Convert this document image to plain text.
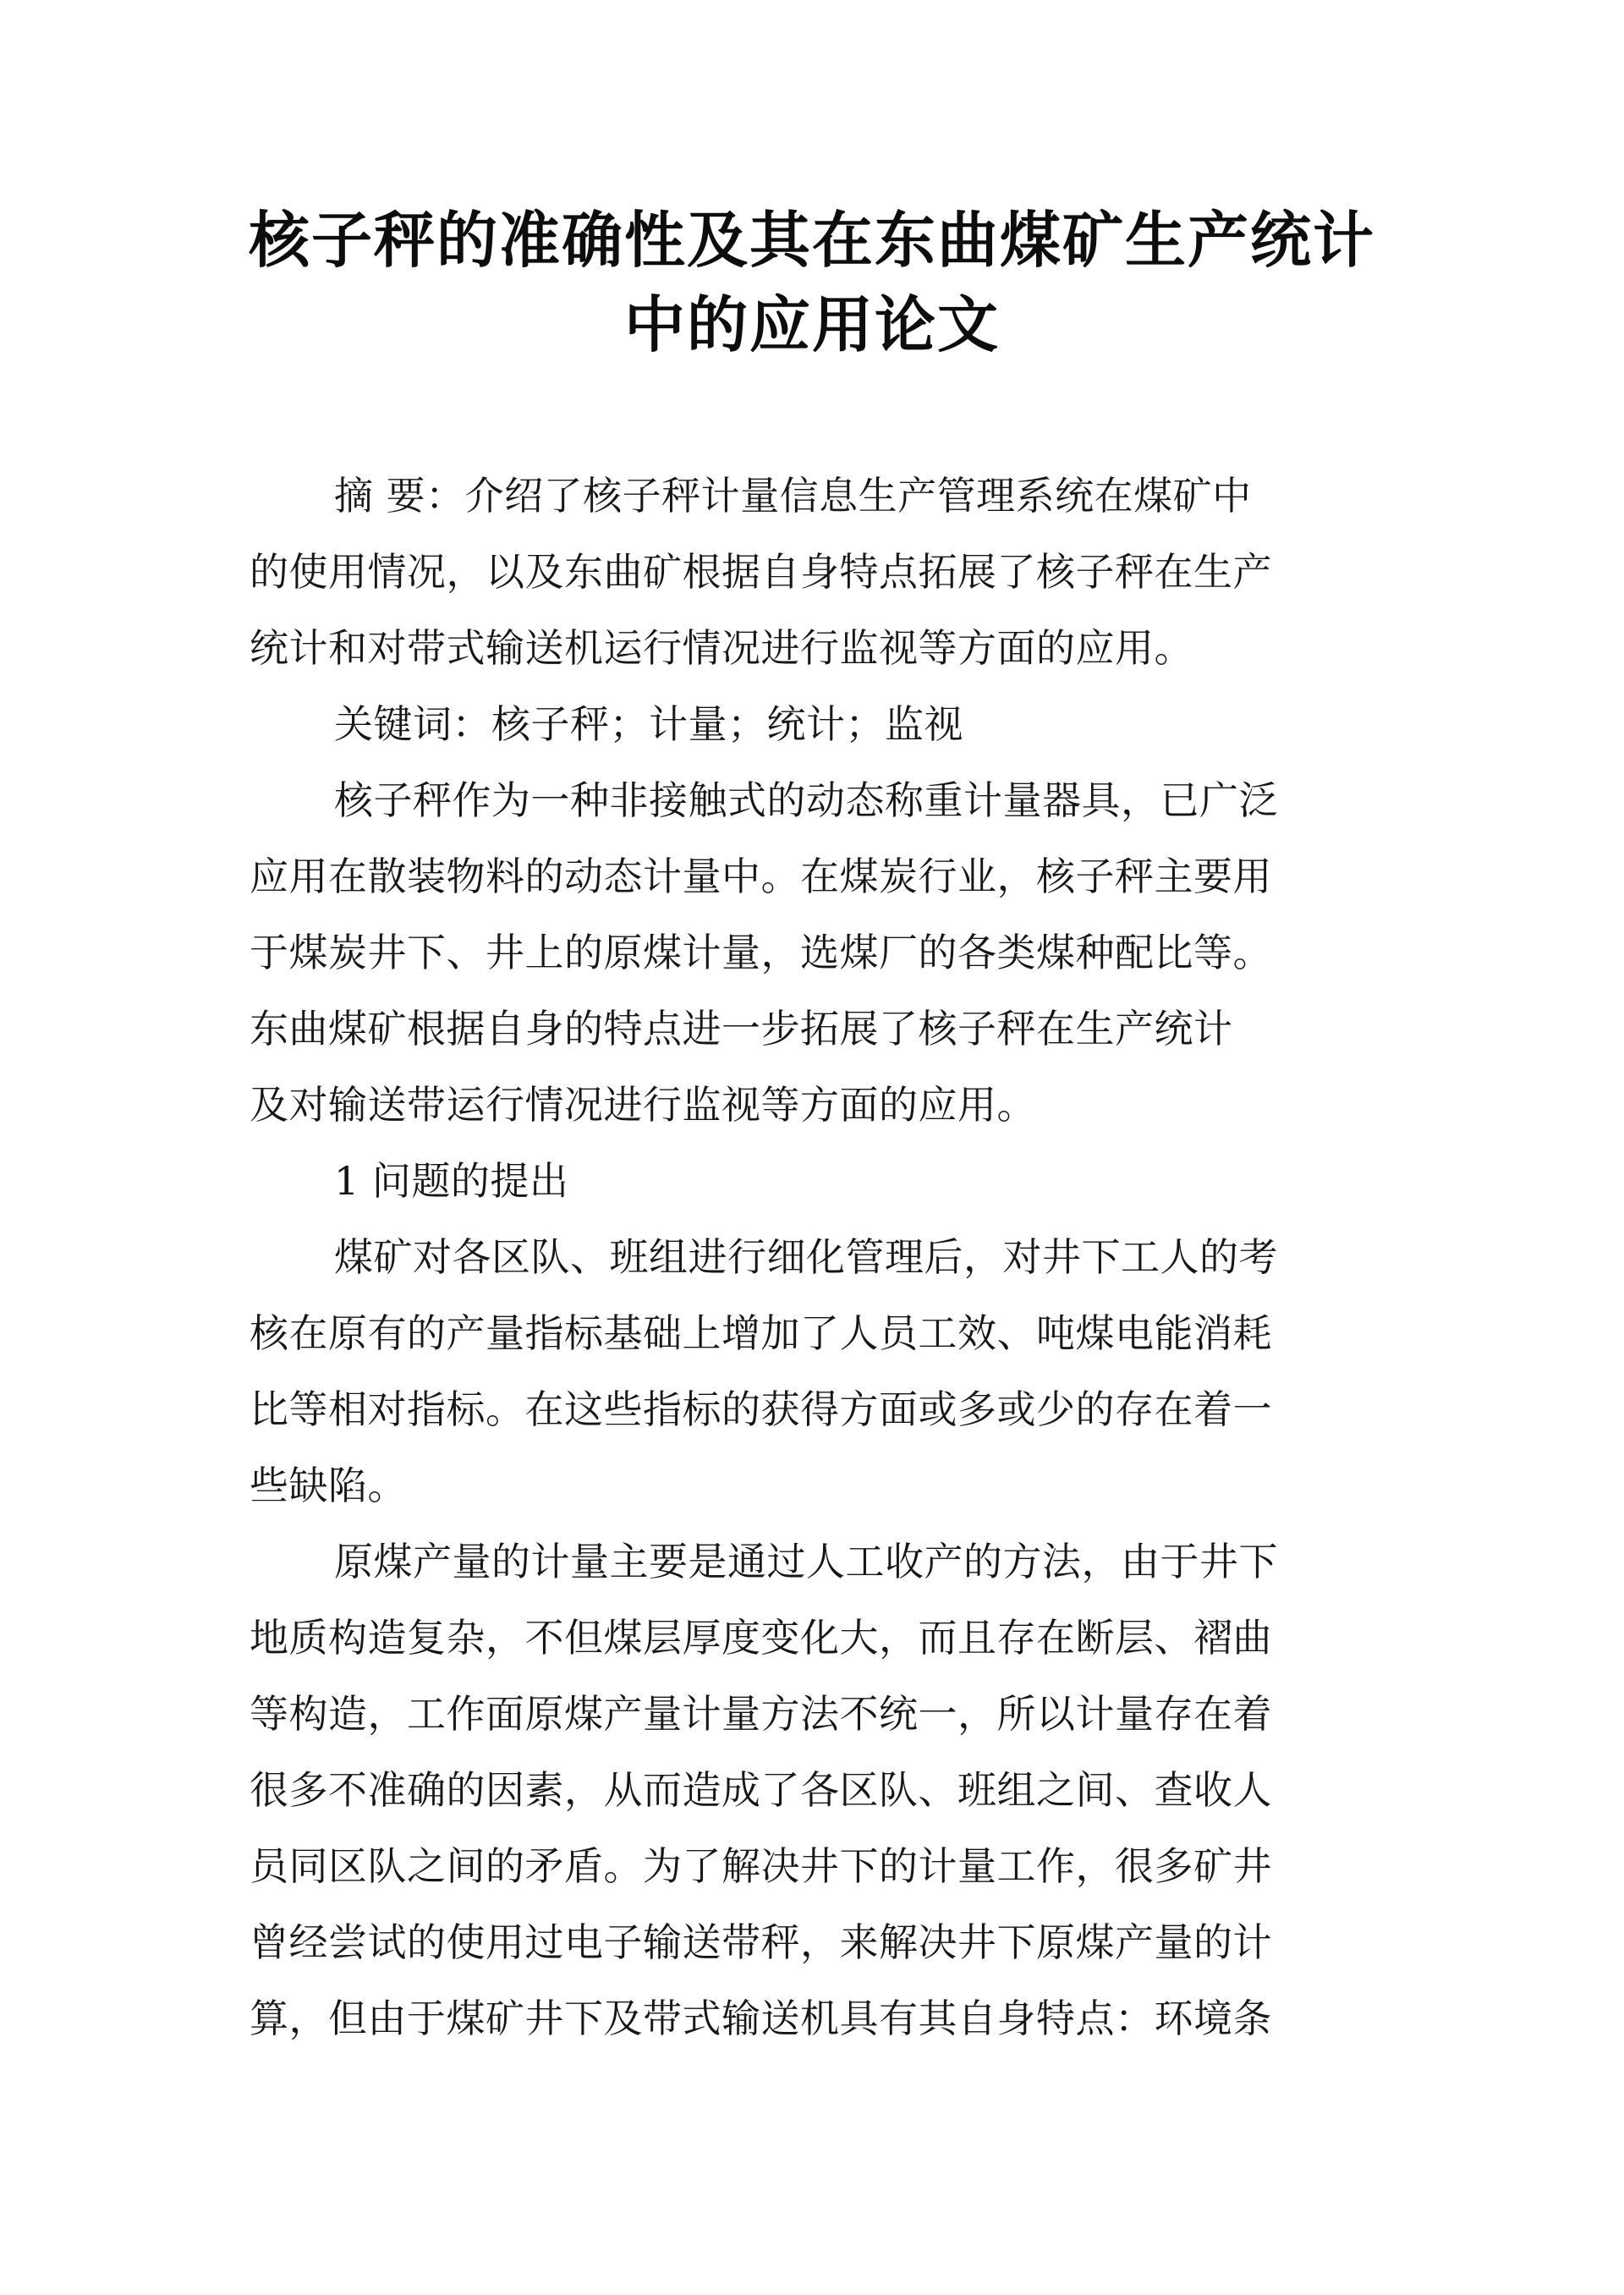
核子秤的准确性及其在东曲煤矿生产统计
中的应用论文
摘 要：介绍了核子秤计量信息生产管理系统在煤矿中
的使用情况，以及东曲矿根据自身特点拓展了核子秤在生产
统计和对带式输送机运行情况进行监视等方面的应用。
关键词：核子秤；计量；统计；监视
核子秤作为一种非接触式的动态称重计量器具，已广泛
应用在散装物料的动态计量中。在煤炭行业，核子秤主要用
于煤炭井下、井上的原煤计量，选煤厂的各类煤种配比等。
东曲煤矿根据自身的特点进一步拓展了核子秤在生产统计
及对输送带运行情况进行监视等方面的应用。
1 问题的提出
煤矿对各区队、班组进行细化管理后，对井下工人的考
核在原有的产量指标基础上增加了人员工效、吨煤电能消耗
比等相对指标。在这些指标的获得方面或多或少的存在着一
些缺陷。
原煤产量的计量主要是通过人工收产的方法，由于井下
地质构造复杂，不但煤层厚度变化大，而且存在断层、褶曲
等构造，工作面原煤产量计量方法不统一，所以计量存在着
很多不准确的因素，从而造成了各区队、班组之间、查收人
员同区队之间的矛盾。为了解决井下的计量工作，很多矿井
曾经尝试的使用过电子输送带秤，来解决井下原煤产量的计
算，但由于煤矿井下及带式输送机具有其自身特点：环境条
